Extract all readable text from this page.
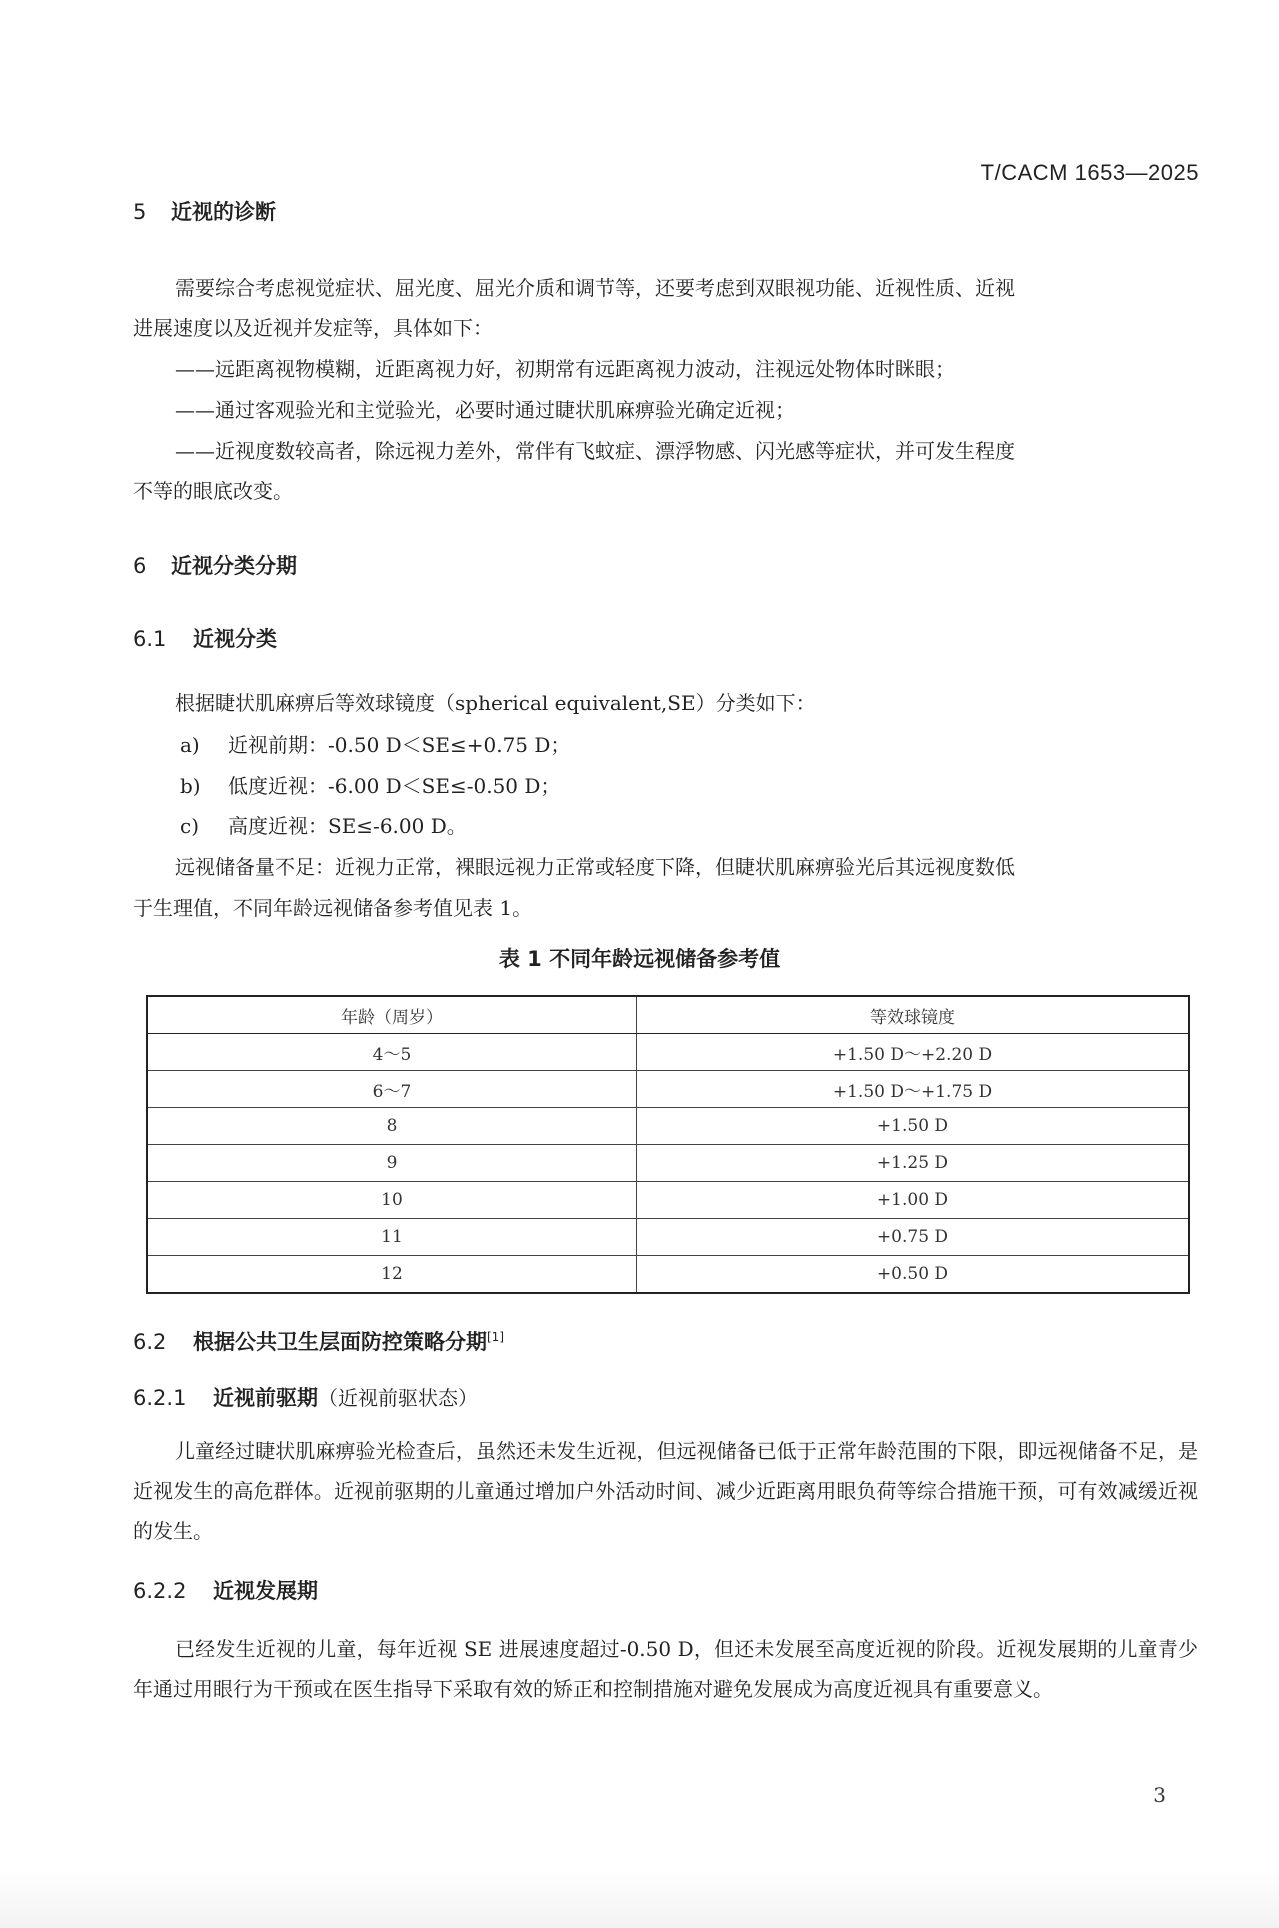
T/CACM 1653—2025
5 近视的诊断
需要综合考虑视觉症状、屈光度、屈光介质和调节等，还要考虑到双眼视功能、近视性质、近视
进展速度以及近视并发症等，具体如下：
——远距离视物模糊，近距离视力好，初期常有远距离视力波动，注视远处物体时眯眼；
——通过客观验光和主觉验光，必要时通过睫状肌麻痹验光确定近视；
——近视度数较高者，除远视力差外，常伴有飞蚊症、漂浮物感、闪光感等症状，并可发生程度
不等的眼底改变。
6 近视分类分期
6.1 近视分类
根据睫状肌麻痹后等效球镜度（spherical equivalent,SE）分类如下：
a) 近视前期：-0.50 D＜SE≤+0.75 D；
b) 低度近视：-6.00 D＜SE≤-0.50 D；
c) 高度近视：SE≤-6.00 D。
远视储备量不足：近视力正常，裸眼远视力正常或轻度下降，但睫状肌麻痹验光后其远视度数低
于生理值，不同年龄远视储备参考值见表 1。
表 1 不同年龄远视储备参考值
年龄（周岁）	等效球镜度
4～5	+1.50 D～+2.20 D
6～7	+1.50 D～+1.75 D
8	+1.50 D
9	+1.25 D
10	+1.00 D
11	+0.75 D
12	+0.50 D
6.2 根据公共卫生层面防控策略分期[1]
6.2.1 近视前驱期（近视前驱状态）
儿童经过睫状肌麻痹验光检查后，虽然还未发生近视，但远视储备已低于正常年龄范围的下限，即远视储备不足，是近视发生的高危群体。近视前驱期的儿童通过增加户外活动时间、减少近距离用眼负荷等综合措施干预，可有效减缓近视的发生。
6.2.2 近视发展期
已经发生近视的儿童，每年近视 SE 进展速度超过-0.50 D，但还未发展至高度近视的阶段。近视发展期的儿童青少年通过用眼行为干预或在医生指导下采取有效的矫正和控制措施对避免发展成为高度近视具有重要意义。
3
